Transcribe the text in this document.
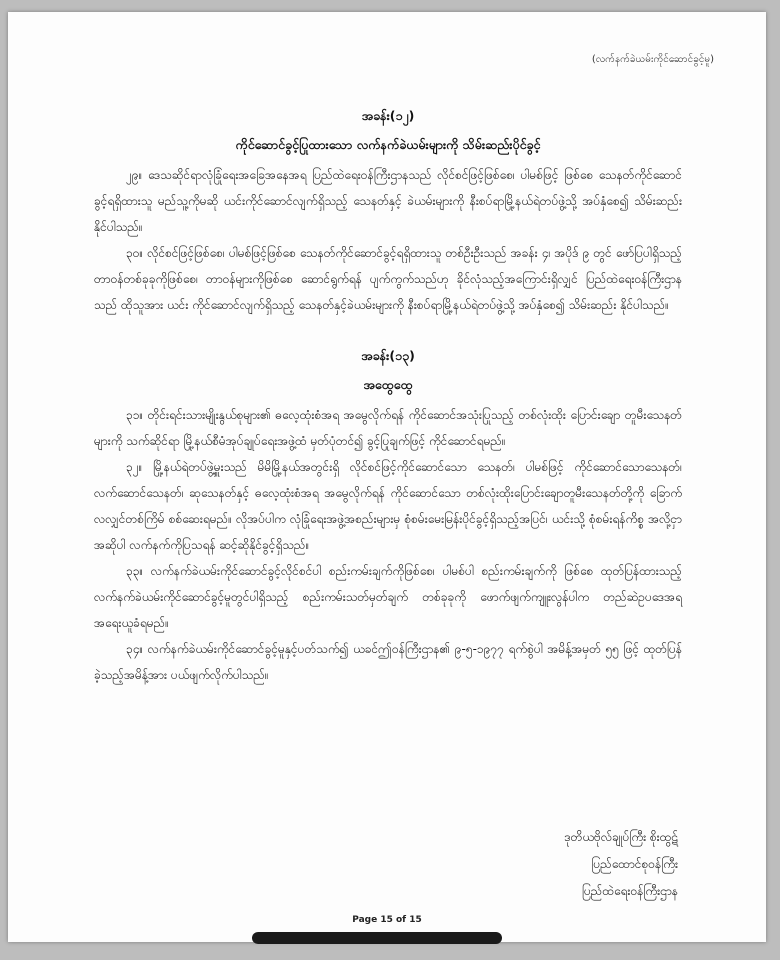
(လက်နက်ခဲယမ်းကိုင်ဆောင်ခွင့်မူ)
အခန်း(၁၂)
ကိုင်ဆောင်ခွင့်ပြုထားသော လက်နက်ခဲယမ်းများကို သိမ်းဆည်းပိုင်ခွင့်

၂၉။ ဒေသဆိုင်ရာလုံခြုံရေးအခြေအနေအရ ပြည်ထဲရေးဝန်ကြီးဌာနသည် လိုင်စင်ဖြင့်ဖြစ်စေ၊ ပါမစ်ဖြင့် ဖြစ်စေ သေနတ်ကိုင်ဆောင်ခွင့်ရရှိထားသူ မည်သူ့ကိုမဆို ယင်းကိုင်ဆောင်လျက်ရှိသည့် သေနတ်နှင့် ခဲယမ်းများကို နီးစပ်ရာမြို့နယ်ရဲတပ်ဖွဲ့သို့ အပ်နှံစေ၍ သိမ်းဆည်းနိုင်ပါသည်။

၃၀။ လိုင်စင်ဖြင့်ဖြစ်စေ၊ ပါမစ်ဖြင့်ဖြစ်စေ သေနတ်ကိုင်ဆောင်ခွင့်ရရှိထားသူ တစ်ဦးဦးသည် အခန်း ၄၊ အပိုဒ် ၉ တွင် ဖော်ပြပါရှိသည့် တာဝန်တစ်ခုခုကိုဖြစ်စေ၊ တာဝန်များကိုဖြစ်စေ ဆောင်ရွက်ရန် ပျက်ကွက်သည်ဟု ခိုင်လုံသည့်အကြောင်းရှိလျှင် ပြည်ထဲရေးဝန်ကြီးဌာနသည် ထိုသူအား ယင်း ကိုင်ဆောင်လျက်ရှိသည့် သေနတ်နှင့်ခဲယမ်းများကို နီးစပ်ရာမြို့နယ်ရဲတပ်ဖွဲ့သို့ အပ်နှံစေ၍ သိမ်းဆည်း နိုင်ပါသည်။

အခန်း(၁၃)
အထွေထွေ

၃၁။ တိုင်းရင်းသားမျိုးနွယ်စုများ၏ ဓလေ့ထုံးစံအရ အမွေလိုက်ရန် ကိုင်ဆောင်အသုံးပြုသည့် တစ်လုံးထိုး ပြောင်းချော တူမီးသေနတ်များကို သက်ဆိုင်ရာ မြို့နယ်စီမံအုပ်ချုပ်ရေးအဖွဲ့ထံ မှတ်ပုံတင်၍ ခွင့်ပြုချက်ဖြင့် ကိုင်ဆောင်ရမည်။

၃၂။ မြို့နယ်ရဲတပ်ဖွဲ့မှူးသည် မိမိမြို့နယ်အတွင်းရှိ လိုင်စင်ဖြင့်ကိုင်ဆောင်သော သေနတ်၊ ပါမစ်ဖြင့် ကိုင်ဆောင်သောသေနတ်၊ လက်ဆောင်သေနတ်၊ ဆုသေနတ်နှင့် ဓလေ့ထုံးစံအရ အမွေလိုက်ရန် ကိုင်ဆောင်သော တစ်လုံးထိုးပြောင်းချောတူမီးသေနတ်တို့ကို ခြောက်လလျှင်တစ်ကြိမ် စစ်ဆေးရမည်။ လိုအပ်ပါက လုံခြုံရေးအဖွဲ့အစည်းများမှ စုံစမ်းမေးမြန်းပိုင်ခွင့်ရှိသည့်အပြင်၊ ယင်းသို့ စုံစမ်းရန်ကိစ္စ အလို့ငှာ အဆိုပါ လက်နက်ကိုပြသရန် ဆင့်ဆိုနိုင်ခွင့်ရှိသည်။

၃၃။ လက်နက်ခဲယမ်းကိုင်ဆောင်ခွင့်လိုင်စင်ပါ စည်းကမ်းချက်ကိုဖြစ်စေ၊ ပါမစ်ပါ စည်းကမ်းချက်ကို ဖြစ်စေ ထုတ်ပြန်ထားသည့် လက်နက်ခဲယမ်းကိုင်ဆောင်ခွင့်မူတွင်ပါရှိသည့် စည်းကမ်းသတ်မှတ်ချက် တစ်ခုခုကို ဖောက်ဖျက်ကျူးလွန်ပါက တည်ဆဲဥပဒေအရ အရေးယူခံရမည်။

၃၄။ လက်နက်ခဲယမ်းကိုင်ဆောင်ခွင့်မူနှင့်ပတ်သက်၍ ယခင်ဤဝန်ကြီးဌာန၏ ၉-၅-၁၉၇၇ ရက်စွဲပါ အမိန့်အမှတ် ၅၅ ဖြင့် ထုတ်ပြန်ခဲ့သည့်အမိန့်အား ပယ်ဖျက်လိုက်ပါသည်။

ဒုတိယဗိုလ်ချုပ်ကြီး စိုးထွဋ်
ပြည်ထောင်စုဝန်ကြီး
ပြည်ထဲရေးဝန်ကြီးဌာန
Page 15 of 15
